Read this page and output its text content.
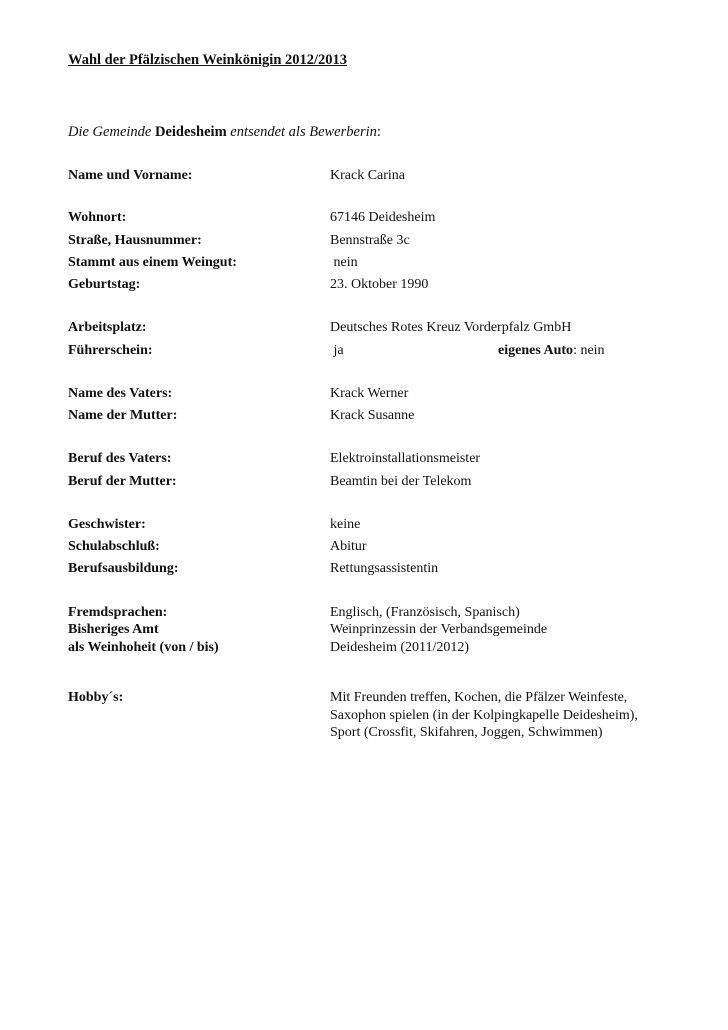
Wahl der Pfälzischen Weinkönigin 2012/2013
Die Gemeinde Deidesheim entsendet als Bewerberin:
Name und Vorname:	Krack Carina
Wohnort:	67146 Deidesheim
Straße, Hausnummer:	Bennstraße 3c
Stammt aus einem Weingut:	nein
Geburtstag:	23. Oktober 1990
Arbeitsplatz:	Deutsches Rotes Kreuz Vorderpfalz GmbH
Führerschein:	ja	eigenes Auto: nein
Name des Vaters:	Krack Werner
Name der Mutter:	Krack Susanne
Beruf des Vaters:	Elektroinstallationsmeister
Beruf der Mutter:	Beamtin bei der Telekom
Geschwister:	keine
Schulabschluß:	Abitur
Berufsausbildung:	Rettungsassistentin
Fremdsprachen:	Englisch, (Französisch, Spanisch)
Bisheriges Amt	Weinprinzessin der Verbandsgemeinde
als Weinhoheit (von / bis)	Deidesheim (2011/2012)
Hobby´s:	Mit Freunden treffen, Kochen, die Pfälzer Weinfeste,
Saxophon spielen (in der Kolpingkapelle Deidesheim),
Sport (Crossfit, Skifahren, Joggen, Schwimmen)
